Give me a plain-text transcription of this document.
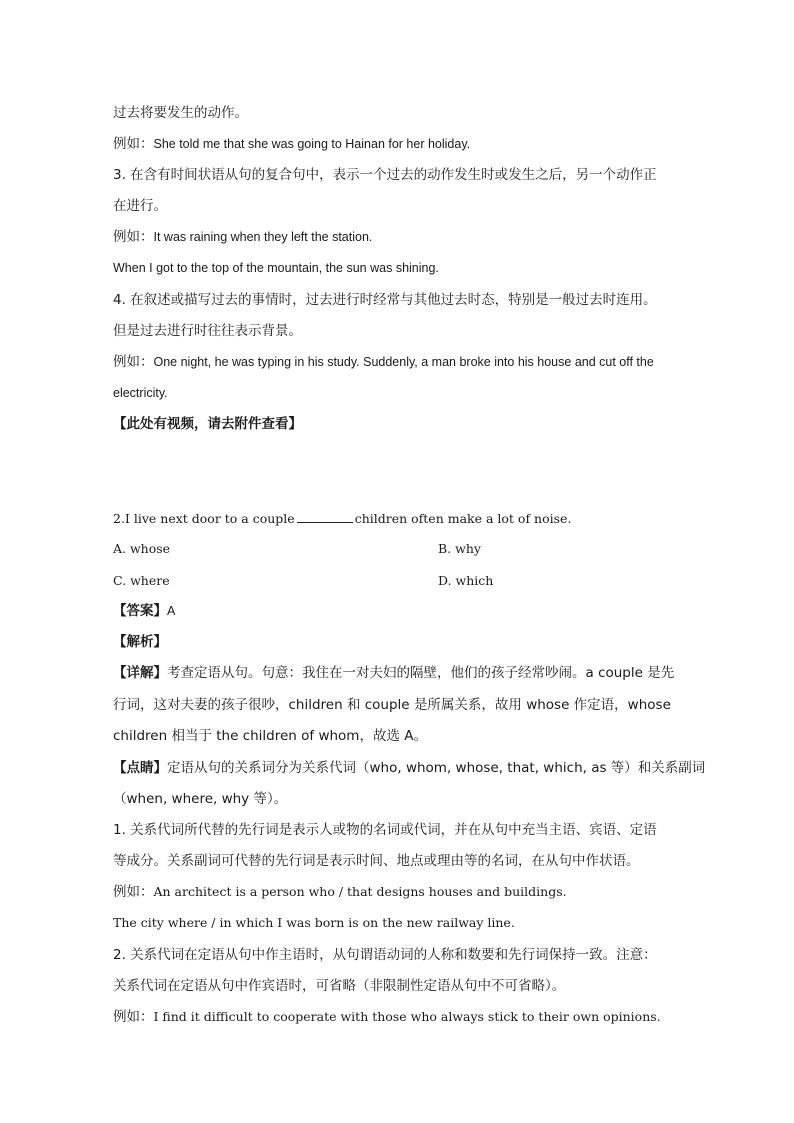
过去将要发生的动作。
例如：She told me that she was going to Hainan for her holiday.
3. 在含有时间状语从句的复合句中，表示一个过去的动作发生时或发生之后，另一个动作正
在进行。
例如：It was raining when they left the station.
When I got to the top of the mountain, the sun was shining.
4. 在叙述或描写过去的事情时，过去进行时经常与其他过去时态，特别是一般过去时连用。
但是过去进行时往往表示背景。
例如：One night, he was typing in his study. Suddenly, a man broke into his house and cut off the
electricity.
【此处有视频，请去附件查看】
2.I live next door to a couple	children often make a lot of noise.
A. whose	B. why
C. where	D. which
【答案】A
【解析】
【详解】考查定语从句。句意：我住在一对夫妇的隔壁，他们的孩子经常吵闹。a couple 是先
行词，这对夫妻的孩子很吵，children 和 couple 是所属关系，故用 whose 作定语，whose
children 相当于 the children of whom，故选 A。
【点睛】定语从句的关系词分为关系代词（who, whom, whose, that, which, as 等）和关系副词
（when, where, why 等）。
1. 关系代词所代替的先行词是表示人或物的名词或代词，并在从句中充当主语、宾语、定语
等成分。关系副词可代替的先行词是表示时间、地点或理由等的名词，在从句中作状语。
例如：An architect is a person who / that designs houses and buildings.
The city where / in which I was born is on the new railway line.
2. 关系代词在定语从句中作主语时，从句谓语动词的人称和数要和先行词保持一致。注意：
关系代词在定语从句中作宾语时，可省略（非限制性定语从句中不可省略）。
例如：I find it difficult to cooperate with those who always stick to their own opinions.
